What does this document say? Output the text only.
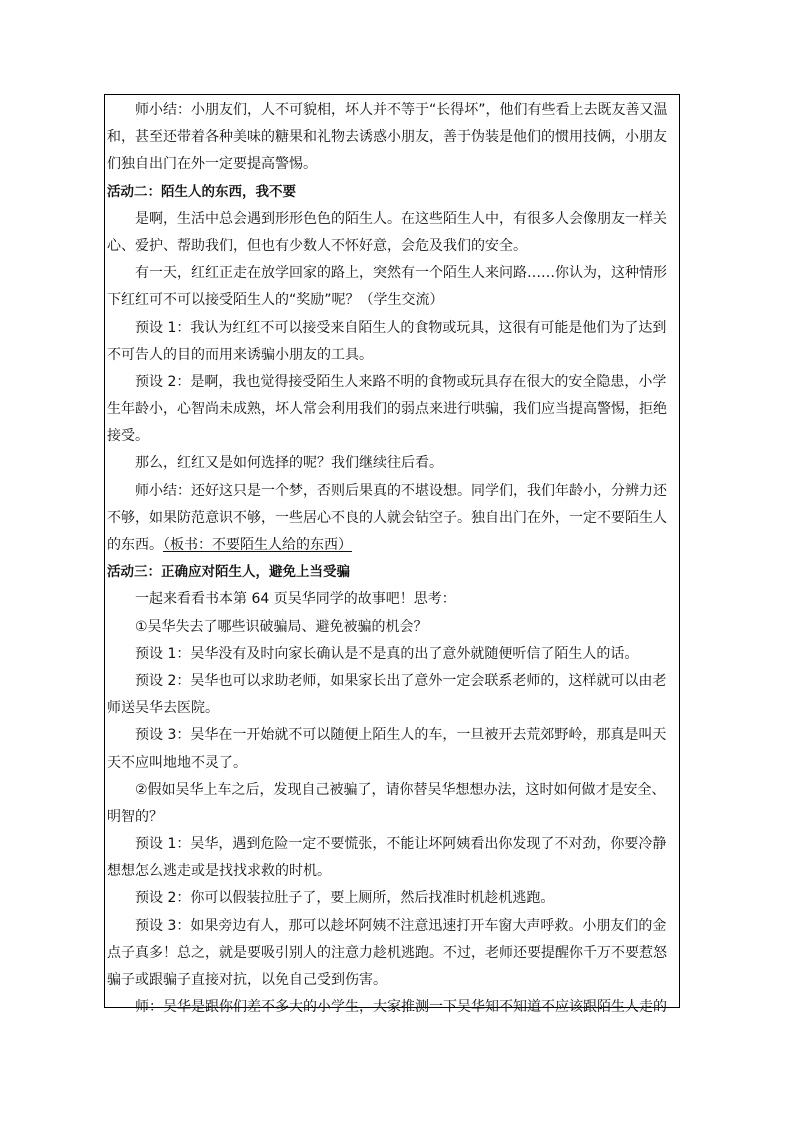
师小结：小朋友们，人不可貌相，坏人并不等于“长得坏”，他们有些看上去既友善又温
和，甚至还带着各种美味的糖果和礼物去诱惑小朋友，善于伪装是他们的惯用技俩，小朋友
们独自出门在外一定要提高警惕。
活动二：陌生人的东西，我不要
是啊，生活中总会遇到形形色色的陌生人。在这些陌生人中，有很多人会像朋友一样关
心、爱护、帮助我们，但也有少数人不怀好意，会危及我们的安全。
有一天，红红正走在放学回家的路上，突然有一个陌生人来问路……你认为，这种情形
下红红可不可以接受陌生人的“奖励”呢？（学生交流）
预设 1：我认为红红不可以接受来自陌生人的食物或玩具，这很有可能是他们为了达到
不可告人的目的而用来诱骗小朋友的工具。
预设 2：是啊，我也觉得接受陌生人来路不明的食物或玩具存在很大的安全隐患，小学
生年龄小，心智尚未成熟，坏人常会利用我们的弱点来进行哄骗，我们应当提高警惕，拒绝
接受。
那么，红红又是如何选择的呢？我们继续往后看。
师小结：还好这只是一个梦，否则后果真的不堪设想。同学们，我们年龄小，分辨力还
不够，如果防范意识不够，一些居心不良的人就会钻空子。独自出门在外，一定不要陌生人
的东西。（板书：不要陌生人给的东西）
活动三：正确应对陌生人，避免上当受骗
一起来看看书本第 64 页吴华同学的故事吧！思考：
①吴华失去了哪些识破骗局、避免被骗的机会？
预设 1：吴华没有及时向家长确认是不是真的出了意外就随便听信了陌生人的话。
预设 2：吴华也可以求助老师，如果家长出了意外一定会联系老师的，这样就可以由老
师送吴华去医院。
预设 3：吴华在一开始就不可以随便上陌生人的车，一旦被开去荒郊野岭，那真是叫天
天不应叫地地不灵了。
②假如吴华上车之后，发现自己被骗了，请你替吴华想想办法，这时如何做才是安全、
明智的？
预设 1：吴华，遇到危险一定不要慌张，不能让坏阿姨看出你发现了不对劲，你要冷静
想想怎么逃走或是找找求救的时机。
预设 2：你可以假装拉肚子了，要上厕所，然后找准时机趁机逃跑。
预设 3：如果旁边有人，那可以趁坏阿姨不注意迅速打开车窗大声呼救。小朋友们的金
点子真多！总之，就是要吸引别人的注意力趁机逃跑。不过，老师还要提醒你千万不要惹怒
骗子或跟骗子直接对抗，以免自己受到伤害。
师：吴华是跟你们差不多大的小学生，大家推测一下吴华知不知道不应该跟陌生人走的
